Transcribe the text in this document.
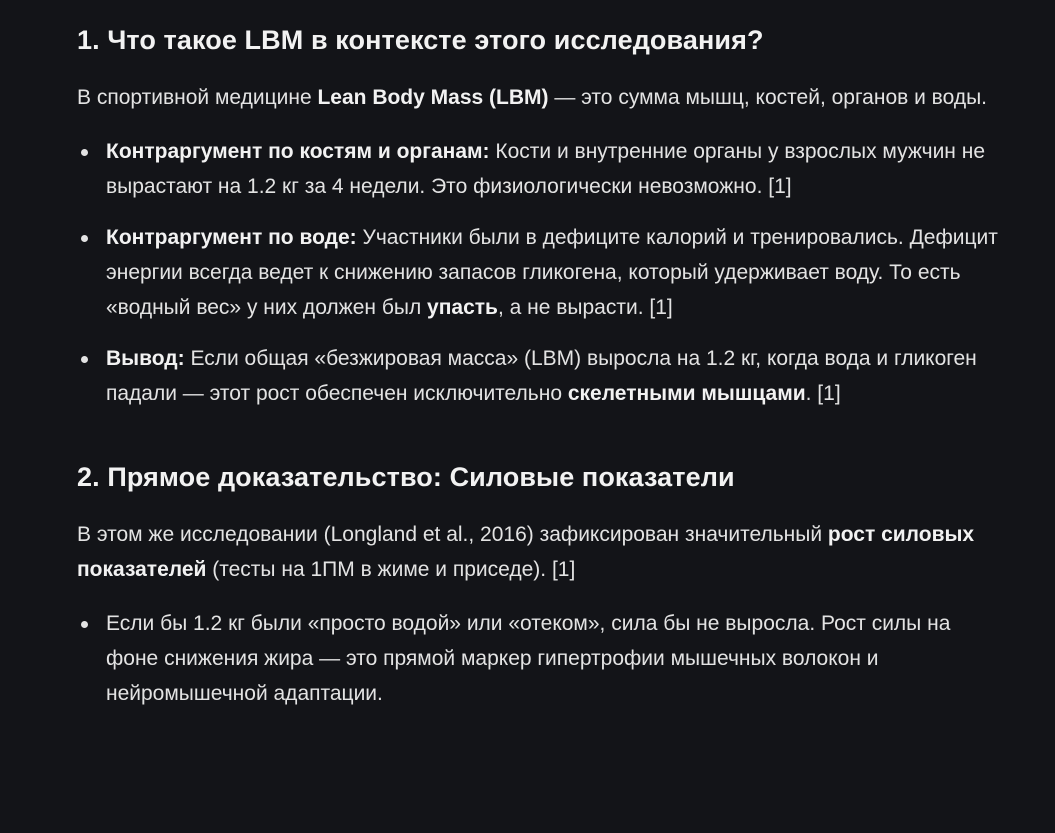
1. Что такое LBM в контексте этого исследования?

В спортивной медицине Lean Body Mass (LBM) — это сумма мышц, костей, органов и воды.

Контраргумент по костям и органам: Кости и внутренние органы у взрослых мужчин не вырастают на 1.2 кг за 4 недели. Это физиологически невозможно. [1]
Контраргумент по воде: Участники были в дефиците калорий и тренировались. Дефицит энергии всегда ведет к снижению запасов гликогена, который удерживает воду. То есть «водный вес» у них должен был упасть, а не вырасти. [1]
Вывод: Если общая «безжировая масса» (LBM) выросла на 1.2 кг, когда вода и гликоген падали — этот рост обеспечен исключительно скелетными мышцами. [1]
2. Прямое доказательство: Силовые показатели

В этом же исследовании (Longland et al., 2016) зафиксирован значительный рост силовых показателей (тесты на 1ПМ в жиме и приседе). [1]

Если бы 1.2 кг были «просто водой» или «отеком», сила бы не выросла. Рост силы на фоне снижения жира — это прямой маркер гипертрофии мышечных волокон и нейромышечной адаптации.
